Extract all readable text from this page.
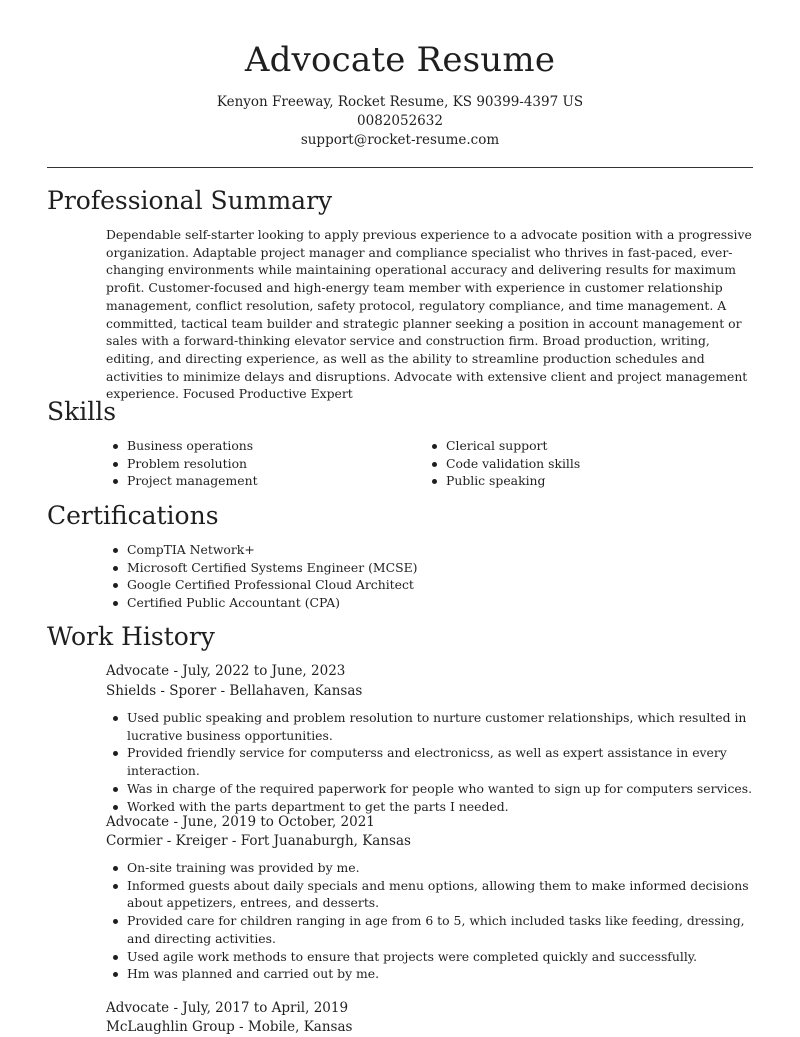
Advocate Resume
Kenyon Freeway, Rocket Resume, KS 90399-4397 US
0082052632
support@rocket-resume.com
Professional Summary

Dependable self-starter looking to apply previous experience to a advocate position with a progressive organization. Adaptable project manager and compliance specialist who thrives in fast-paced, ever-changing environments while maintaining operational accuracy and delivering results for maximum profit. Customer-focused and high-energy team member with experience in customer relationship management, conflict resolution, safety protocol, regulatory compliance, and time management. A committed, tactical team builder and strategic planner seeking a position in account management or sales with a forward-thinking elevator service and construction firm. Broad production, writing, editing, and directing experience, as well as the ability to streamline production schedules and activities to minimize delays and disruptions. Advocate with extensive client and project management experience. Focused Productive Expert

Skills
Business operations
Problem resolution
Project management
Clerical support
Code validation skills
Public speaking
Certifications
CompTIA Network+
Microsoft Certified Systems Engineer (MCSE)
Google Certified Professional Cloud Architect
Certified Public Accountant (CPA)
Work History
Advocate - July, 2022 to June, 2023
Shields - Sporer - Bellahaven, Kansas
Used public speaking and problem resolution to nurture customer relationships, which resulted in lucrative business opportunities.
Provided friendly service for computerss and electronicss, as well as expert assistance in every interaction.
Was in charge of the required paperwork for people who wanted to sign up for computers services.
Worked with the parts department to get the parts I needed.
Advocate - June, 2019 to October, 2021
Cormier - Kreiger - Fort Juanaburgh, Kansas
On-site training was provided by me.
Informed guests about daily specials and menu options, allowing them to make informed decisions about appetizers, entrees, and desserts.
Provided care for children ranging in age from 6 to 5, which included tasks like feeding, dressing, and directing activities.
Used agile work methods to ensure that projects were completed quickly and successfully.
Hm was planned and carried out by me.
Advocate - July, 2017 to April, 2019
McLaughlin Group - Mobile, Kansas
